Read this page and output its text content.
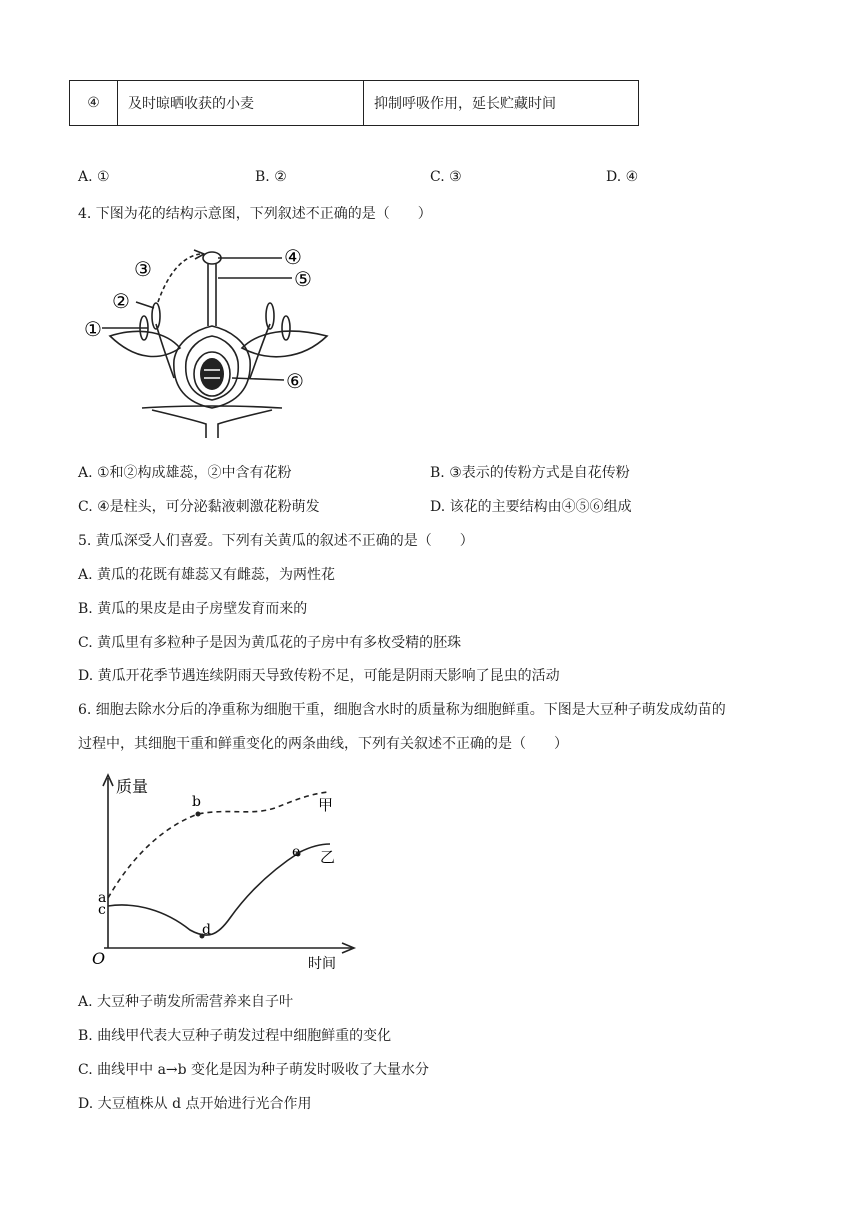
④	及时晾晒收获的小麦	抑制呼吸作用，延长贮藏时间
A. ①	B. ②	C. ③	D. ④
4. 下图为花的结构示意图，下列叙述不正确的是（　　）
①
②
③	④
⑤
⑥
A. ①和②构成雄蕊，②中含有花粉	B. ③表示的传粉方式是自花传粉
C. ④是柱头，可分泌黏液刺激花粉萌发	D. 该花的主要结构由④⑤⑥组成
5. 黄瓜深受人们喜爱。下列有关黄瓜的叙述不正确的是（　　）
A. 黄瓜的花既有雄蕊又有雌蕊，为两性花
B. 黄瓜的果皮是由子房壁发育而来的
C. 黄瓜里有多粒种子是因为黄瓜花的子房中有多枚受精的胚珠
D. 黄瓜开花季节遇连续阴雨天导致传粉不足，可能是阴雨天影响了昆虫的活动
6. 细胞去除水分后的净重称为细胞干重，细胞含水时的质量称为细胞鲜重。下图是大豆种子萌发成幼苗的
过程中，其细胞干重和鲜重变化的两条曲线，下列有关叙述不正确的是（　　）
质量
时间
O
甲
乙
a
b
c
d
e
A. 大豆种子萌发所需营养来自子叶
B. 曲线甲代表大豆种子萌发过程中细胞鲜重的变化
C. 曲线甲中 a→b 变化是因为种子萌发时吸收了大量水分
D. 大豆植株从 d 点开始进行光合作用
